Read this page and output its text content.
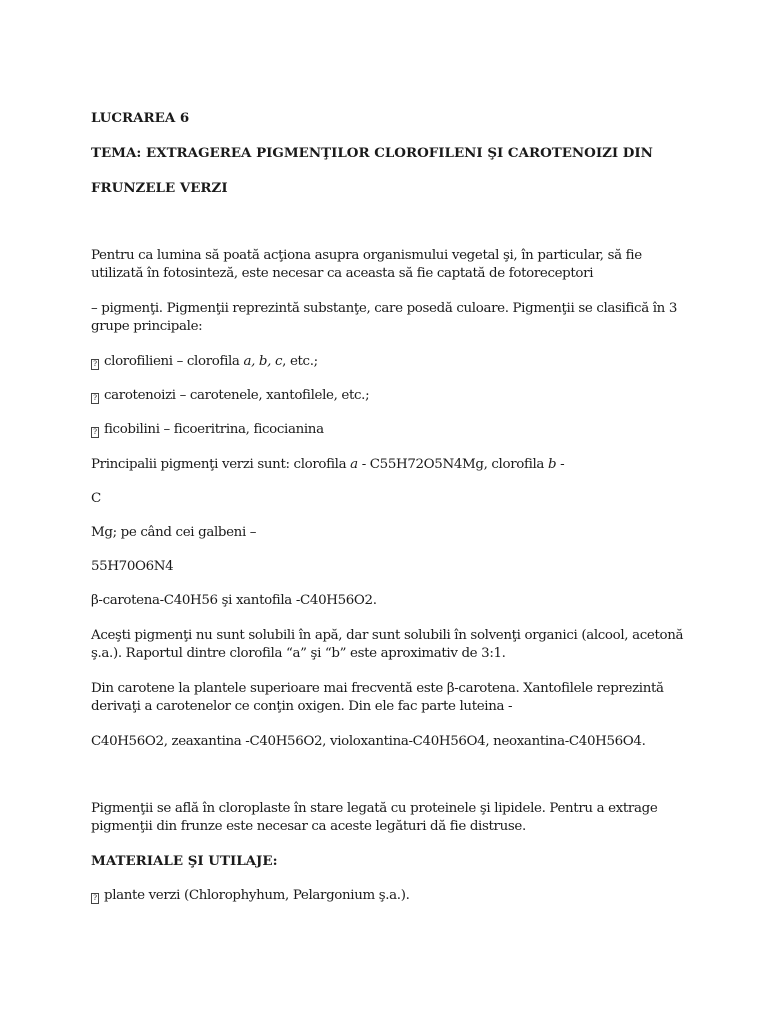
LUCRAREA 6
TEMA: EXTRAGEREA PIGMENŢILOR CLOROFILENI ŞI CAROTENOIZI DIN
FRUNZELE VERZI
Pentru ca lumina să poată acţiona asupra organismului vegetal şi, în particular, să fie
utilizată în fotosinteză, este necesar ca aceasta să fie captată de fotoreceptori
– pigmenţi. Pigmenţii reprezintă substanţe, care posedă culoare. Pigmenţii se clasifică în 3
grupe principale:
? clorofilieni – clorofila a, b, c, etc.;
? carotenoizi – carotenele, xantofilele, etc.;
? ficobilini – ficoeritrina, ficocianina
Principalii pigmenţi verzi sunt: clorofila a - C55H72O5N4Mg, clorofila b -
C
Mg; pe când cei galbeni –
55H70O6N4
β-carotena-C40H56 şi xantofila -C40H56O2.
Aceşti pigmenţi nu sunt solubili în apă, dar sunt solubili în solvenţi organici (alcool, acetonă
ş.a.). Raportul dintre clorofila “a” şi “b” este aproximativ de 3:1.
Din carotene la plantele superioare mai frecventă este β-carotena. Xantofilele reprezintă
derivaţi a carotenelor ce conţin oxigen. Din ele fac parte luteina -
C40H56O2, zeaxantina -C40H56O2, violoxantina-C40H56O4, neoxantina-C40H56O4.
Pigmenţii se află în cloroplaste în stare legată cu proteinele şi lipidele. Pentru a extrage
pigmenţii din frunze este necesar ca aceste legături dă fie distruse.
MATERIALE ŞI UTILAJE:
? plante verzi (Chlorophyhum, Pelargonium ş.a.).
